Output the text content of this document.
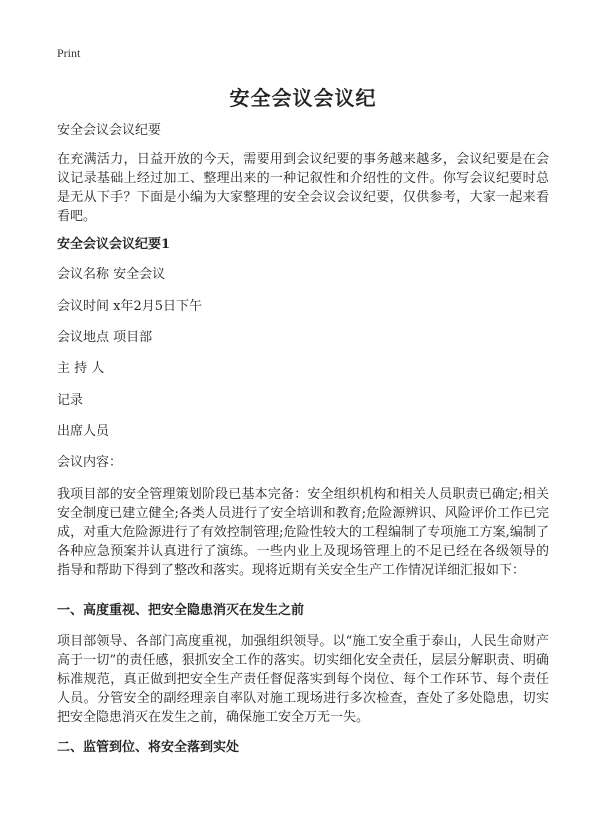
Print
安全会议会议纪

安全会议会议纪要

在充满活力，日益开放的今天，需要用到会议纪要的事务越来越多，会议纪要是在会议记录基础上经过加工、整理出来的一种记叙性和介绍性的文件。你写会议纪要时总是无从下手？下面是小编为大家整理的安全会议会议纪要，仅供参考，大家一起来看看吧。

安全会议会议纪要1

会议名称 安全会议

会议时间 x年2月5日下午

会议地点 项目部

主 持 人

记录

出席人员

会议内容：

我项目部的安全管理策划阶段已基本完备：安全组织机构和相关人员职责已确定;相关安全制度已建立健全;各类人员进行了安全培训和教育;危险源辨识、风险评价工作已完成，对重大危险源进行了有效控制管理;危险性较大的工程编制了专项施工方案,编制了各种应急预案并认真进行了演练。一些内业上及现场管理上的不足已经在各级领导的指导和帮助下得到了整改和落实。现将近期有关安全生产工作情况详细汇报如下：

一、高度重视、把安全隐患消灭在发生之前

项目部领导、各部门高度重视，加强组织领导。以“施工安全重于泰山，人民生命财产高于一切”的责任感，狠抓安全工作的落实。切实细化安全责任，层层分解职责、明确标准规范，真正做到把安全生产责任督促落实到每个岗位、每个工作环节、每个责任人员。分管安全的副经理亲自率队对施工现场进行多次检查，查处了多处隐患，切实把安全隐患消灭在发生之前，确保施工安全万无一失。

二、监管到位、将安全落到实处
